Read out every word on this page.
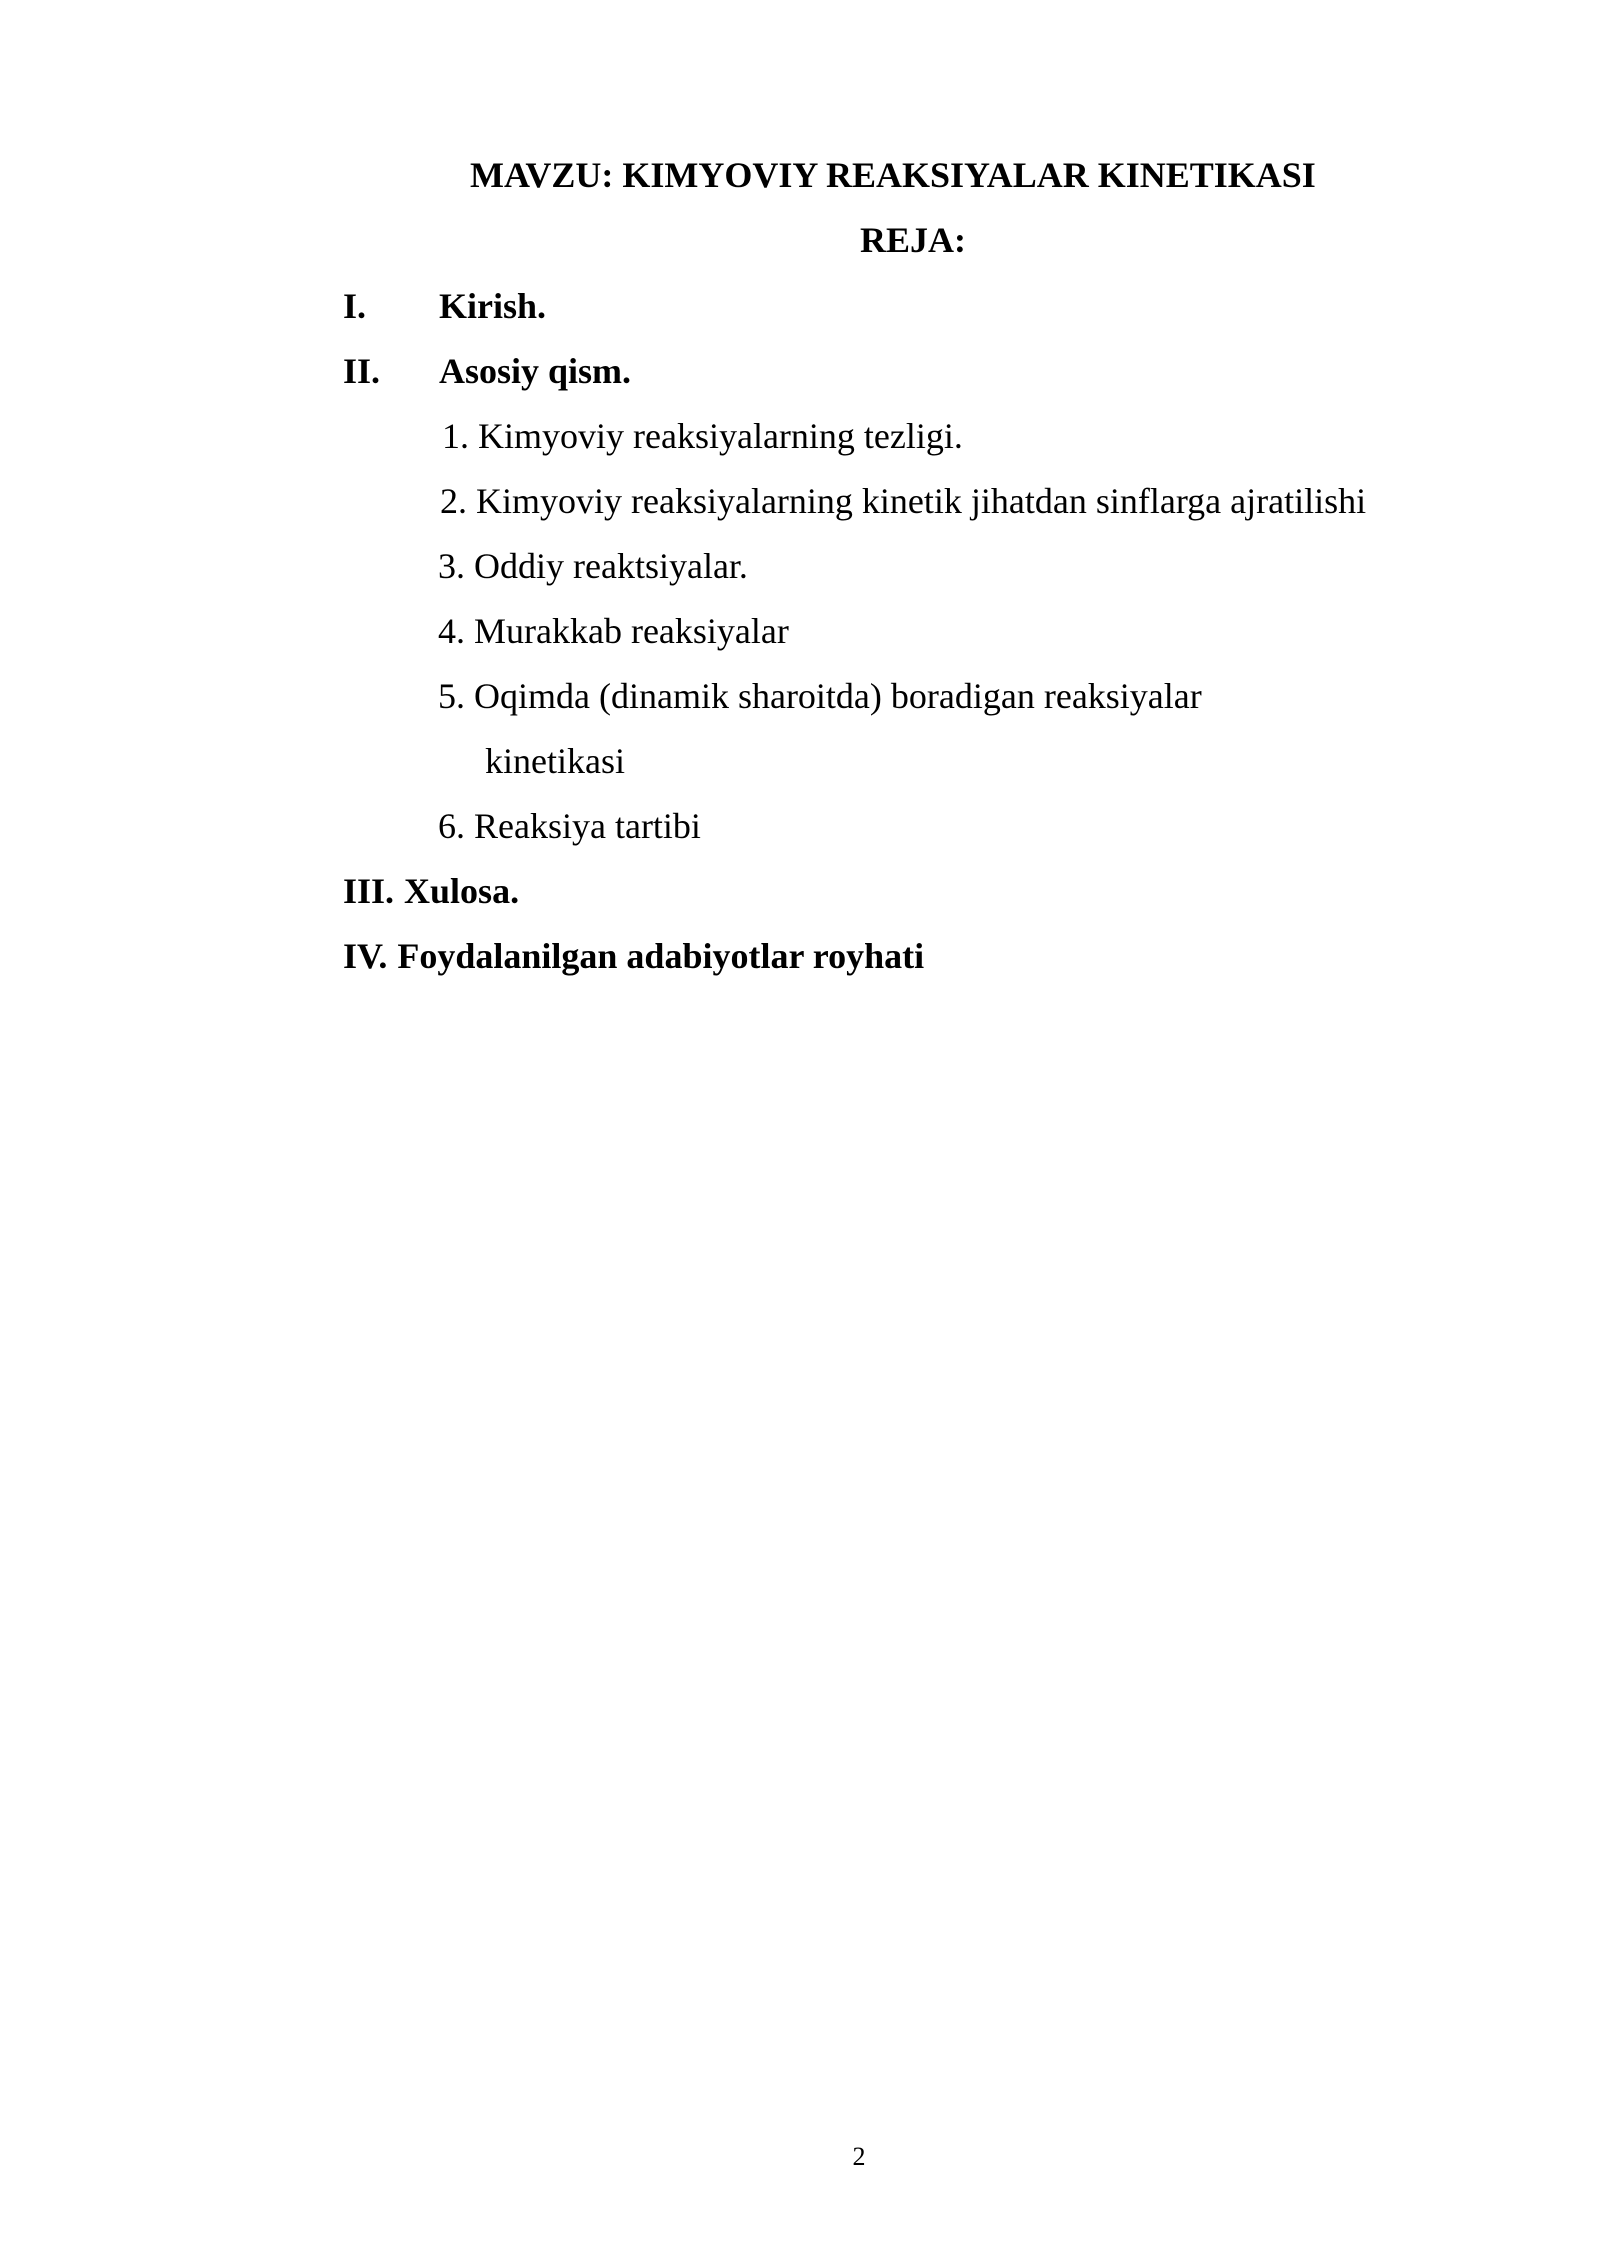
MAVZU: KIMYOVIY REAKSIYALAR KINETIKASI
REJA:
I. Kirish.
II. Asosiy qism.
1. Kimyoviy reaksiyalarning tezligi.
2. Kimyoviy reaksiyalarning kinetik jihatdan sinflarga ajratilishi
3. Oddiy reaktsiyalar.
4. Murakkab reaksiyalar
5. Oqimda (dinamik sharoitda) boradigan reaksiyalar
kinetikasi
6. Reaksiya tartibi
III. Xulosa.
IV. Foydalanilgan adabiyotlar royhati
2
